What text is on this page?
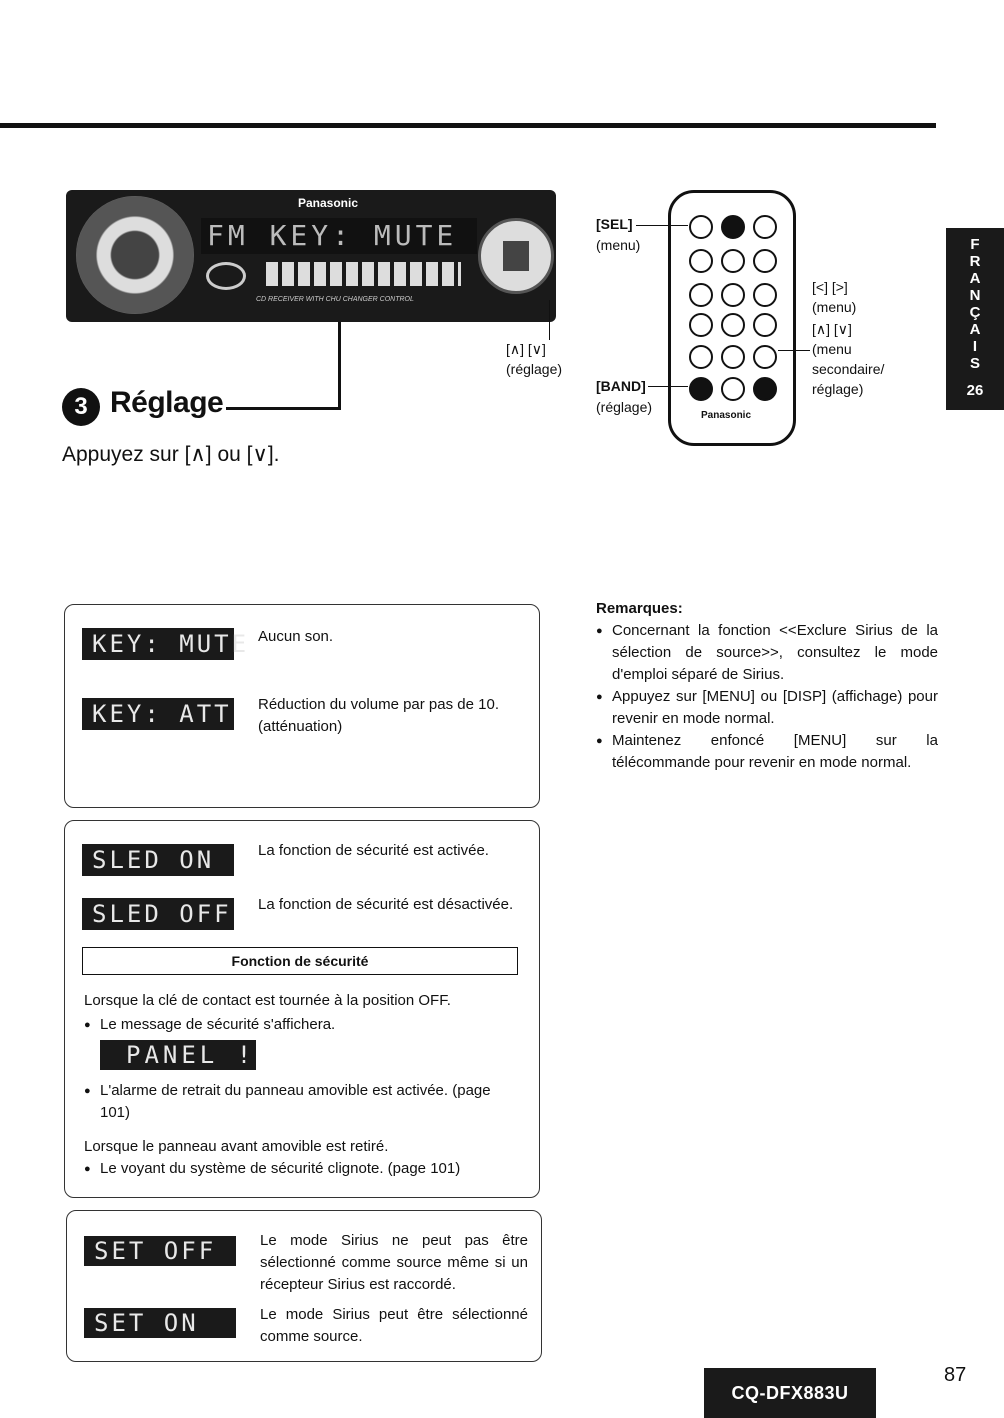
F
R
A
N
Ç
A
I
S
26
Panasonic
FM KEY: MUTE
CD RECEIVER WITH CHU CHANGER CONTROL
[∧] [∨]
(réglage)
3 Réglage
Appuyez sur [∧] ou [∨].
Panasonic
[SEL]
(menu)
[BAND]
(réglage)
[<] [>]
(menu)
[∧] [∨]
(menu
secondaire/
réglage)
KEY: MUTE Aucun son.
KEY: ATT Réduction du volume par pas de 10. (atténuation)
SLED ON	La fonction de sécurité est activée.
SLED OFF La fonction de sécurité est désactivée.
Fonction de sécurité
Lorsque la clé de contact est tournée à la position OFF.
● Le message de sécurité s'affichera.
PANEL !
● L'alarme de retrait du panneau amovible est activée. (page 101)
Lorsque le panneau avant amovible est retiré.
● Le voyant du système de sécurité clignote. (page 101)
SET OFF	Le mode Sirius ne peut pas être sélectionné comme source même si un récepteur Sirius est raccordé.
SET ON	Le mode Sirius peut être sélectionné comme source.
Remarques:
● Concernant la fonction <<Exclure Sirius de la sélection de source>>, consultez le mode d'emploi séparé de Sirius.
● Appuyez sur [MENU] ou [DISP] (affichage) pour revenir en mode normal.
● Maintenez enfoncé [MENU] sur la télécommande pour revenir en mode normal.
CQ-DFX883U
87
